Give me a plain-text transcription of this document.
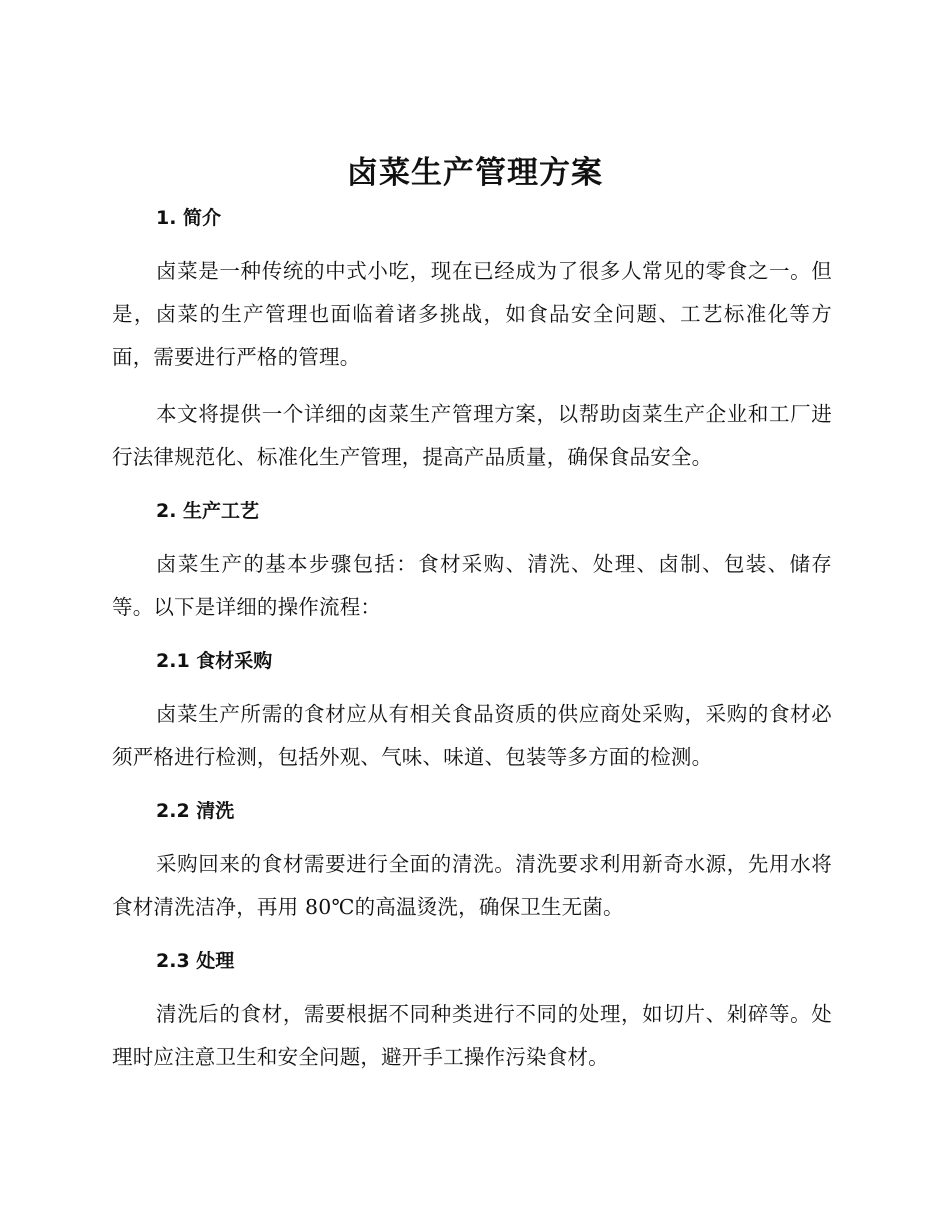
卤菜生产管理方案
1. 简介

卤菜是一种传统的中式小吃，现在已经成为了很多人常见的零食之一。但是，卤菜的生产管理也面临着诸多挑战，如食品安全问题、工艺标准化等方面，需要进行严格的管理。

本文将提供一个详细的卤菜生产管理方案，以帮助卤菜生产企业和工厂进行法律规范化、标准化生产管理，提高产品质量，确保食品安全。

2. 生产工艺

卤菜生产的基本步骤包括：食材采购、清洗、处理、卤制、包装、储存等。以下是详细的操作流程：

2.1 食材采购

卤菜生产所需的食材应从有相关食品资质的供应商处采购，采购的食材必须严格进行检测，包括外观、气味、味道、包装等多方面的检测。

2.2 清洗

采购回来的食材需要进行全面的清洗。清洗要求利用新奇水源，先用水将食材清洗洁净，再用 80℃的高温烫洗，确保卫生无菌。

2.3 处理

清洗后的食材，需要根据不同种类进行不同的处理，如切片、剁碎等。处理时应注意卫生和安全问题，避开手工操作污染食材。
